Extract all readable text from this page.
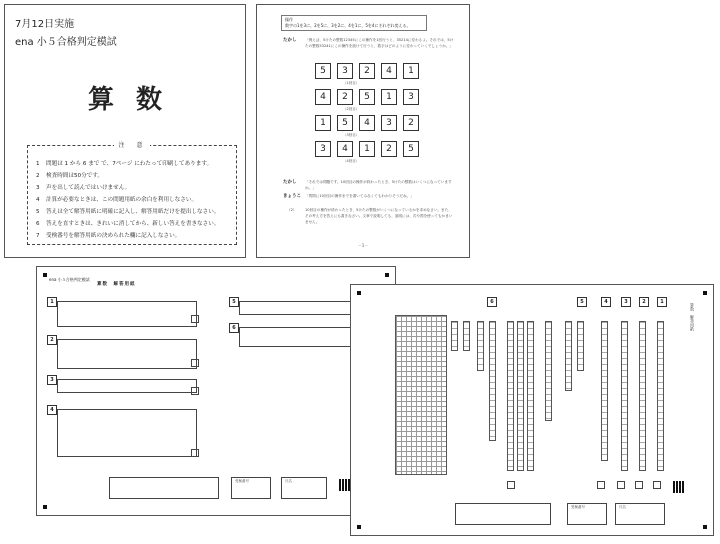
7月12日実施
ena 小５合格判定模試
算数
注　意
1 問題は 1 から 6 まで で、7ページ にわたって印刷してあります。
2 検査時間は50分です。
3 声を出して読んではいけません。
4 計算が必要なときは、この問題用紙の余白を利用しなさい。
5 答えは全て解答用紙に明確に記入し、解答用紙だけを提出しなさい。
6 答えを直すときは、きれいに消してから、新しい答えを書きなさい。
7 受検番号を解答用紙の決められた欄に記入しなさい。
操作
数字の1を3に、2を5に、3を2に、4を1に、5を4にそれぞれ変える。
たかし 「例えば、5けたの整数12345にこの操作を1回行うと、35214に変わるよ。それでは、5けたの整数53241にこの操作を続けて行うと、数字はどのように変わっていくでしょうか。」
5	3	2	4	1
（1回目）
4	2	5	1	3
（2回目）
1	5	4	3	2
（3回目）
3	4	1	2	5
（4回目）
たかし 「それでは問題です。10回目の操作が終わったとき、5けたの整数はいくつになっていますか。」
きょうこ 「質問に10回目の操作までを書いてみなくてもわかりそうだね。」
（2） 10回目の操作が終わったとき、5けたの整数がいくつになっているかを求めなさい。また、その考え方を答えにも書きなさい。文章で説明しても、説明には、式や図を使ってもかまいません。
－1－
ena 小５合格判定模試
算数　解答用紙
1
2
3
4
5
6
受検番号	氏名
算数　解答用紙
6	5	4	3	2	1
受検番号	氏名
